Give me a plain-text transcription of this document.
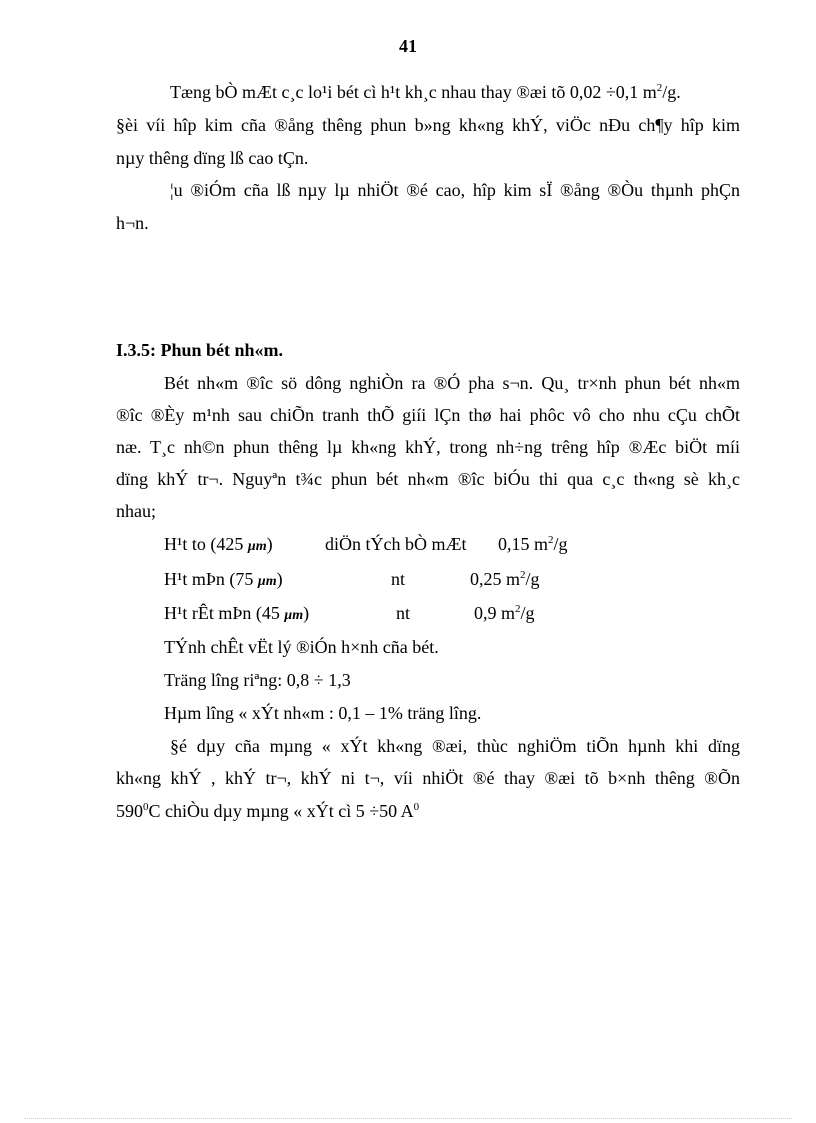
41
Tæng bÒ mÆt c¸c lo¹i bét cì h¹t kh¸c nhau thay ®æi tõ 0,02 ÷0,1 $m^2/g$.
§èi víi hîp kim cña ®ång thêng phun b»ng kh«ng khÝ, viÖc nÐu ch¶y hîp kim
nµy thêng dïng lß cao tÇn.
¦u ®iÓm cña lß nµy lµ nhiÖt ®é cao, hîp kim sÏ ®ång ®Òu thµnh phÇn
h¬n.
I.3.5: Phun bét nh«m.
Bét nh«m ®îc sö dông nghiÒn ra ®Ó pha s¬n. Qu¸ tr×nh phun bét nh«m
®îc ®Èy m¹nh sau chiÕn tranh thÕ giíi lÇn thø hai phôc vô cho nhu cÇu chÕt
næ. T¸c nh©n phun thêng lµ kh«ng khÝ, trong nh÷ng trêng hîp ®Æc biÖt míi
dïng khÝ tr¬. Nguyªn t¾c phun bét nh«m ®îc biÓu thi qua c¸c th«ng sè kh¸c
nhau;
H¹t to (425 μm)	diÖn tÝch bÒ mÆt 0,15 $m^2/g$
H¹t mÞn (75 μm)	nt	0,25 $m^2/g$
H¹t rÊt mÞn (45 μm)	nt	0,9 $m^2/g$
TÝnh chÊt vËt lý ®iÓn h×nh cña bét.
Träng lîng riªng: 0,8 ÷ 1,3
Hµm lîng « xÝt nh«m : 0,1 – 1% träng lîng.
§é dµy cña mµng « xÝt kh«ng ®æi, thùc nghiÖm tiÕn hµnh khi dïng
kh«ng khÝ , khÝ tr¬, khÝ ni t¬, víi nhiÖt ®é thay ®æi tõ b×nh thêng ®Õn
$590^0C$ chiÒu dµy mµng « xÝt cì 5 ÷50 $A^0$
